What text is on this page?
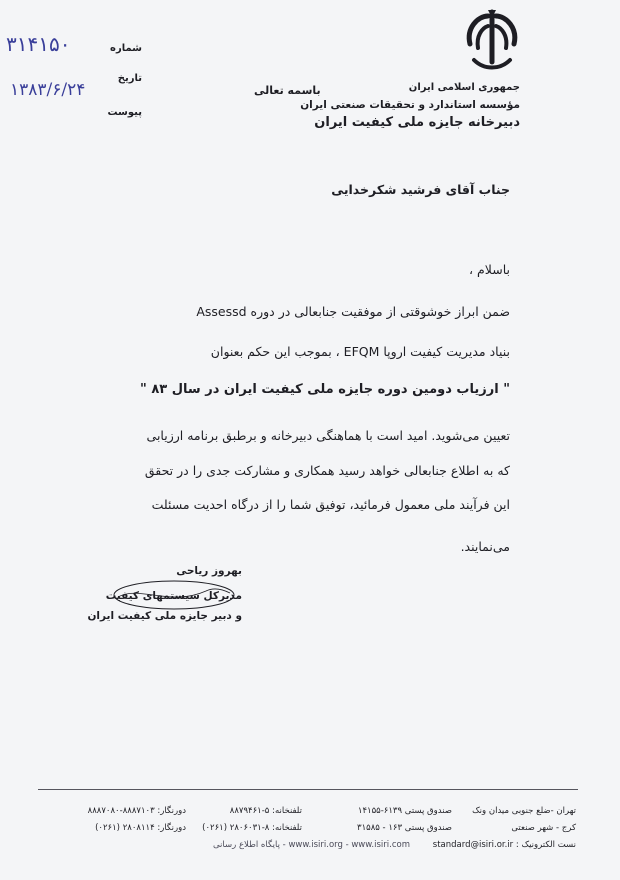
جمهوری اسلامی ایران
مؤسسه استاندارد و تحقیقات صنعتی ایران
دبیرخانه جایزه ملی کیفیت ایران
باسمه تعالی
شماره
تاریخ
پیوست
۳۱۴۱۵۰
۱۳۸۳/۶/۲۴
جناب آقای فرشید شکرخدایی
باسلام ،
ضمن ابراز خوشوقتی از موفقیت جنابعالی در دوره Assessd
بنیاد مدیریت کیفیت اروپا EFQM ، بموجب این حکم بعنوان
" ارزیاب دومین دوره جایزه ملی کیفیت ایران در سال ۸۳ "
تعیین می‌شوید. امید است با هماهنگی دبیرخانه و برطبق برنامه ارزیابی
که به اطلاع جنابعالی خواهد رسید همکاری و مشارکت جدی را در تحقق
این فرآیند ملی معمول فرمائید، توفیق شما را از درگاه احدیت مسئلت
می‌نمایند.
بهروز ریاحی
مدیرکل سیستمهای کیفیت
و دبیر جایزه ملی کیفیت ایران
تهران -ضلع جنوبی میدان ونک
کرج - شهر صنعتی
نست الکترونیک : standard@isiri.or.ir
صندوق پستی ۶۱۳۹-۱۴۱۵۵
صندوق پستی ۱۶۳ - ۳۱۵۸۵
www.isiri.org - www.isiri.com - پایگاه اطلاع رسانی
تلفنخانه: ۵-۸۸۷۹۴۶۱
تلفنخانه: ۸-۲۸۰۶۰۳۱ (۰۲۶۱)
دورنگار: ۸۸۸۷۱۰۳-۸۸۸۷۰۸۰
دورنگار: ۲۸۰۸۱۱۴ (۰۲۶۱)
